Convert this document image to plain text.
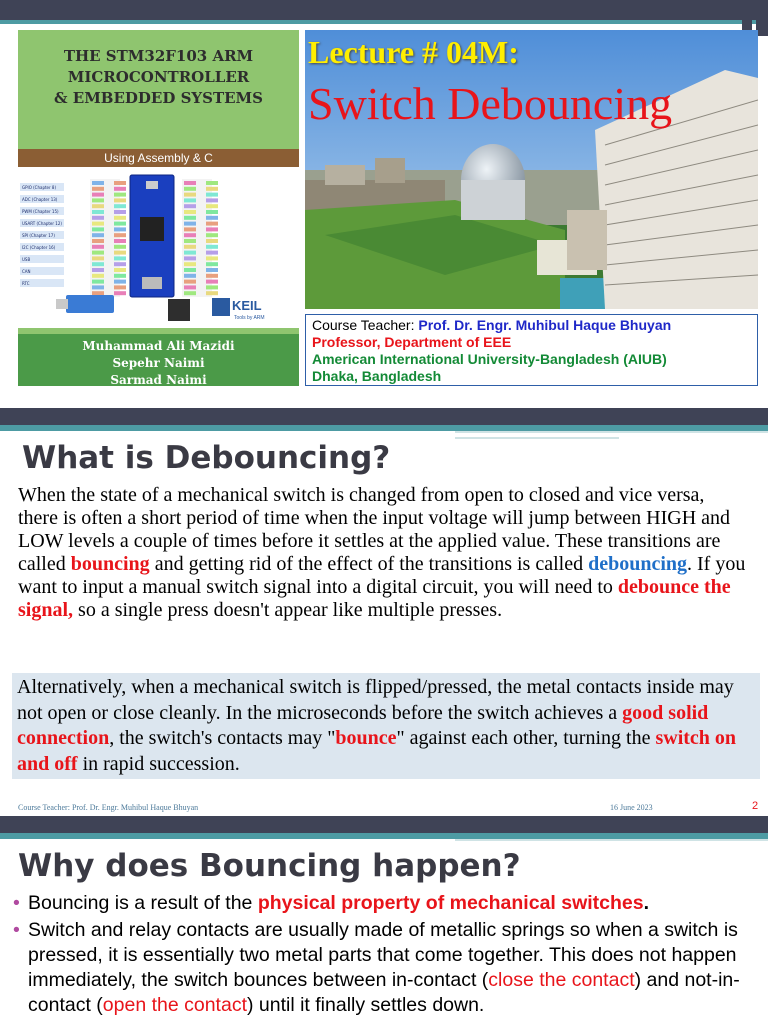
THE STM32F103 ARM
MICROCONTROLLER
& EMBEDDED SYSTEMS
Using Assembly & C
GPIO (Chapter 8)
ADC (Chapter 13)
PWM (Chapter 15)
USART (Chapter 12)
SPI (Chapter 17)
I2C (Chapter 16)
USB
CAN
RTC
KEIL
Tools by ARM
Muhammad Ali Mazidi
Sepehr Naimi
Sarmad Naimi
Lecture # 04M:
Switch Debouncing
Course Teacher: Prof. Dr. Engr. Muhibul Haque Bhuyan
Professor, Department of EEE
American International University-Bangladesh (AIUB)
Dhaka, Bangladesh
What is Debouncing?
When the state of a mechanical switch is changed from open to closed and vice versa, there is often a short period of time when the input voltage will jump between HIGH and LOW levels a couple of times before it settles at the applied value. These transitions are called bouncing and getting rid of the effect of the transitions is called debouncing. If you want to input a manual switch signal into a digital circuit, you will need to debounce the signal, so a single press doesn't appear like multiple presses.
Alternatively, when a mechanical switch is flipped/pressed, the metal contacts inside may not open or close cleanly. In the microseconds before the switch achieves a good solid connection, the switch's contacts may "bounce" against each other, turning the switch on and off in rapid succession.
Course Teacher: Prof. Dr. Engr. Muhibul Haque Bhuyan	16 June 2023	2
Why does Bouncing happen?
• Bouncing is a result of the physical property of mechanical switches.
• Switch and relay contacts are usually made of metallic springs so when a switch is pressed, it is essentially two metal parts that come together. This does not happen immediately, the switch bounces between in-contact (close the contact) and not-in-contact (open the contact) until it finally settles down.
